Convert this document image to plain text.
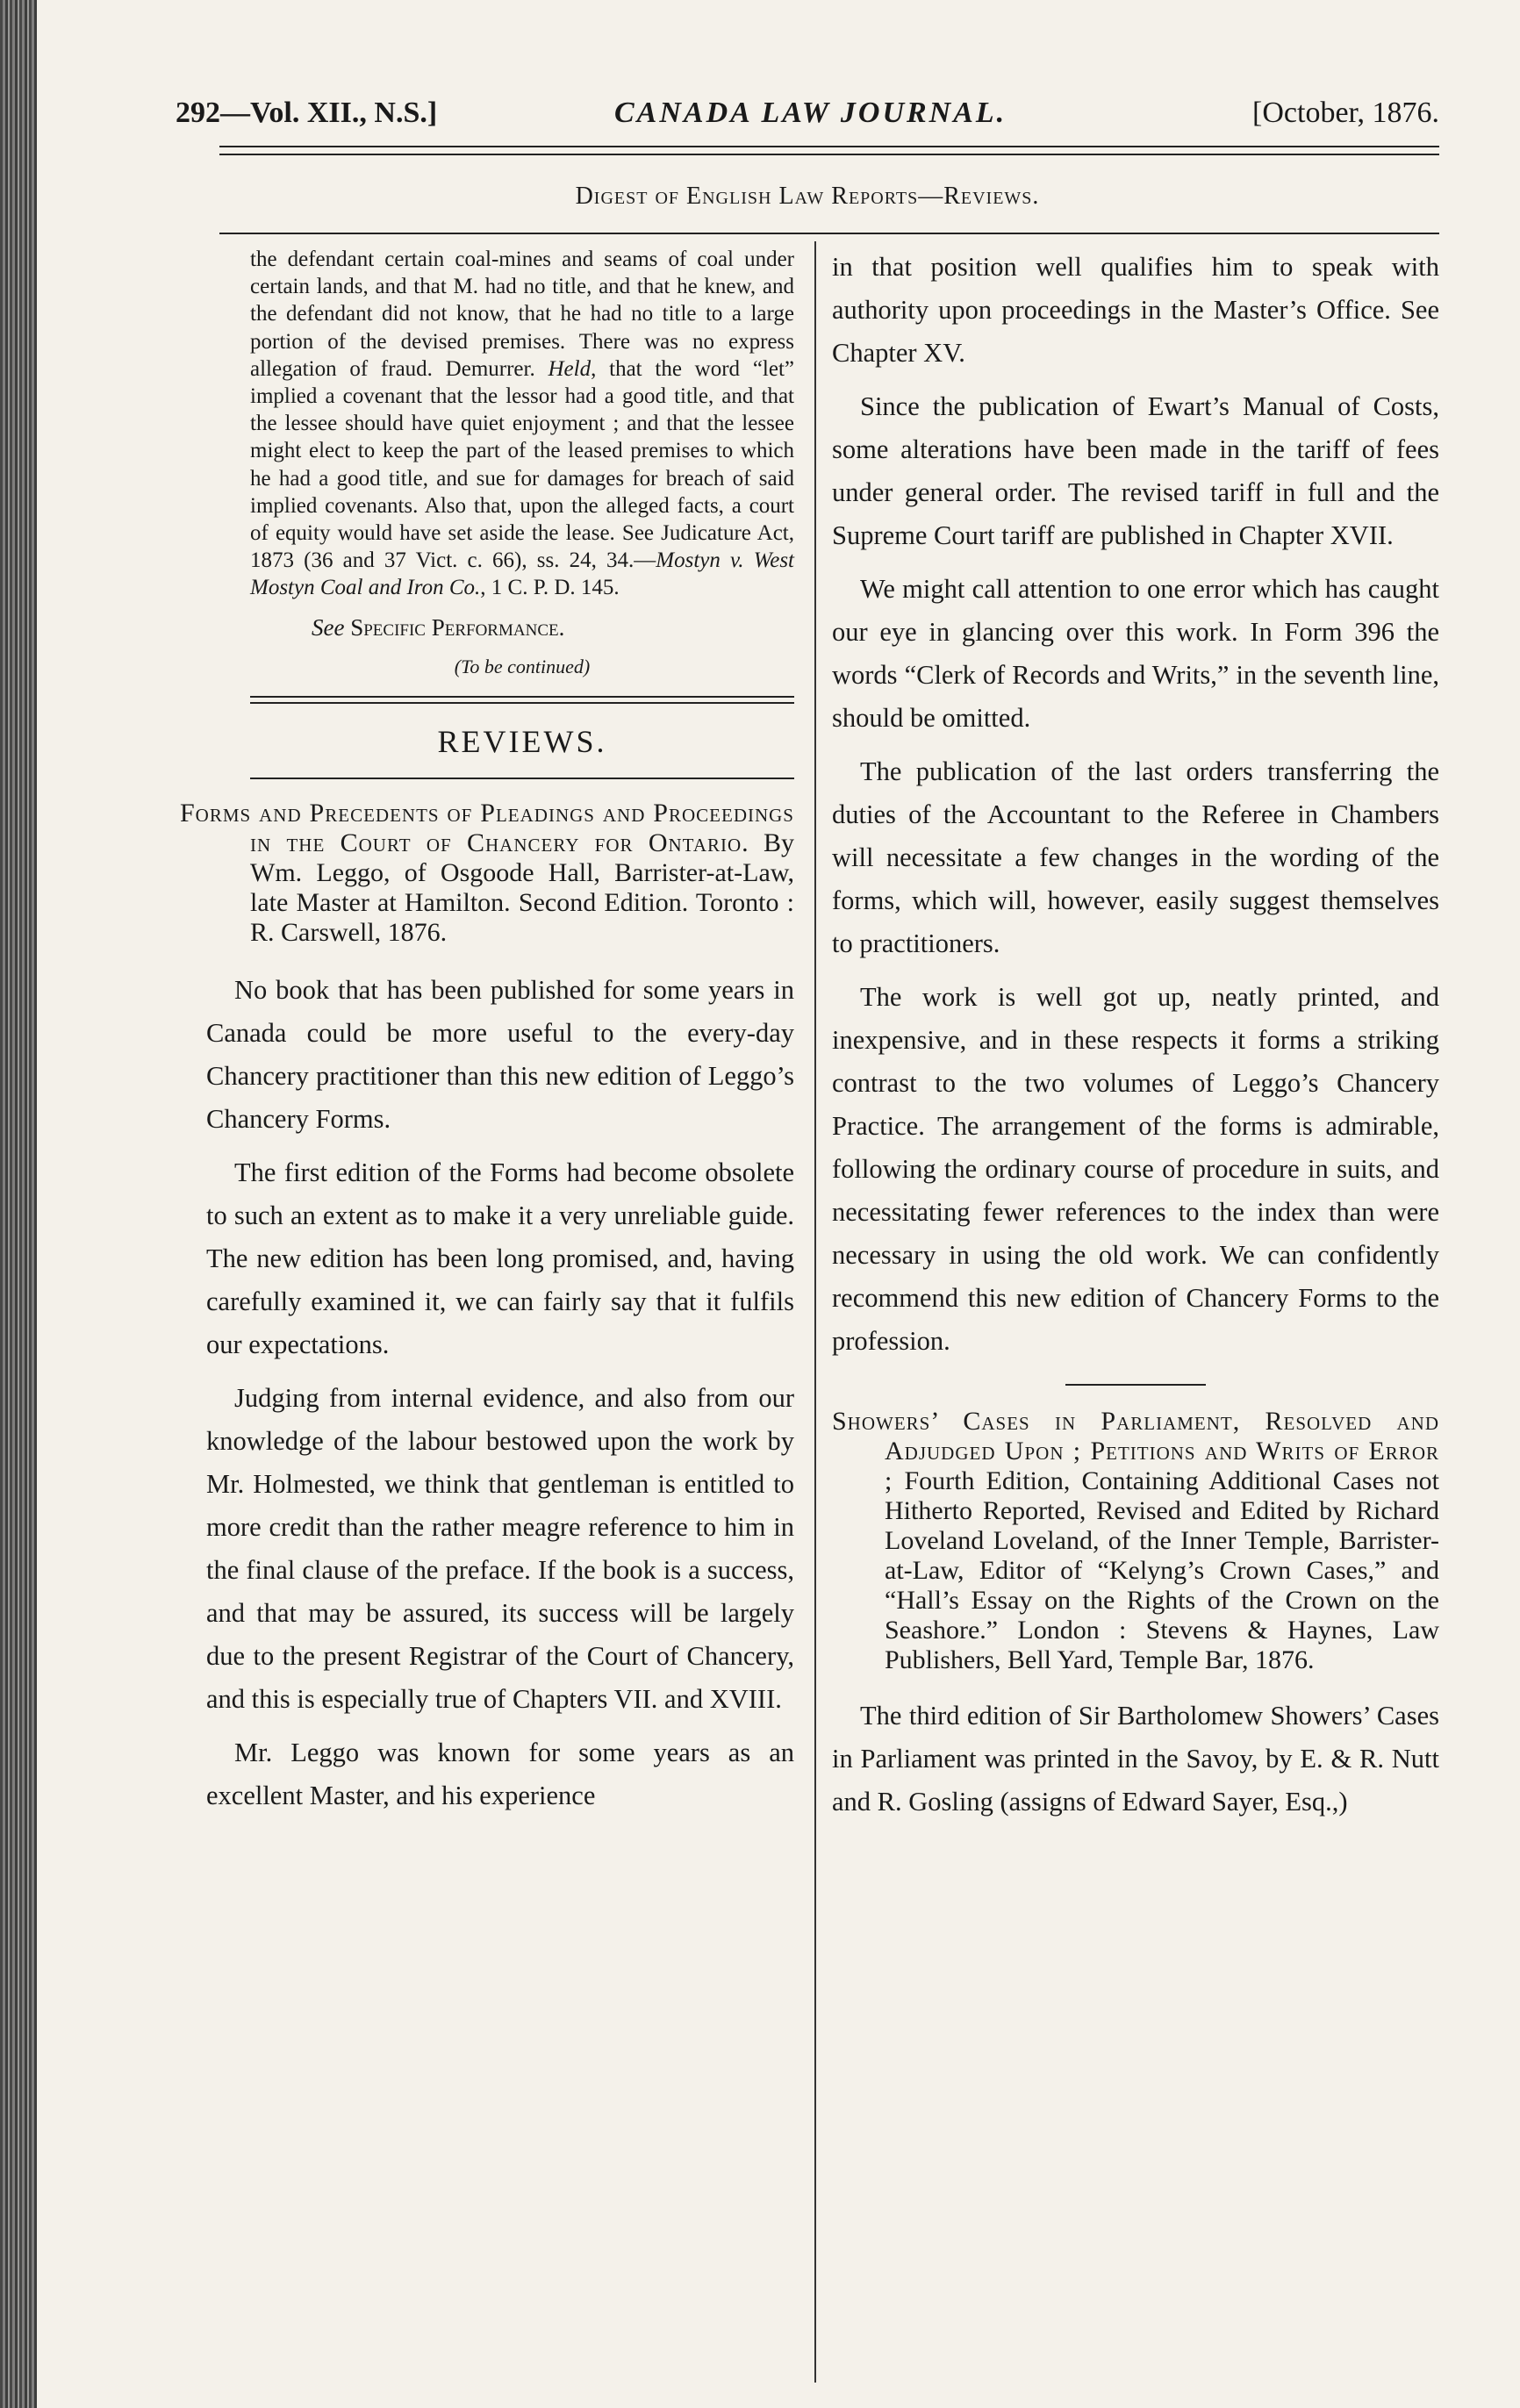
292—Vol. XII., N.S.]	CANADA LAW JOURNAL.	[October, 1876.
Digest of English Law Reports—Reviews.

the defendant certain coal-mines and seams of coal under certain lands, and that M. had no title, and that he knew, and the defendant did not know, that he had no title to a large portion of the devised premises. There was no express allegation of fraud. Demurrer. Held, that the word “let” implied a covenant that the lessor had a good title, and that the lessee should have quiet enjoyment ; and that the lessee might elect to keep the part of the leased premises to which he had a good title, and sue for damages for breach of said implied covenants. Also that, upon the alleged facts, a court of equity would have set aside the lease. See Judicature Act, 1873 (36 and 37 Vict. c. 66), ss. 24, 34.—Mostyn v. West Mostyn Coal and Iron Co., 1 C. P. D. 145.

See Specific Performance.

(To be continued)

REVIEWS.

Forms and Precedents of Pleadings and Proceedings in the Court of Chancery for Ontario. By Wm. Leggo, of Osgoode Hall, Barrister-at-Law, late Master at Hamilton. Second Edition. Toronto : R. Carswell, 1876.

No book that has been published for some years in Canada could be more useful to the every-day Chancery practitioner than this new edition of Leggo’s Chancery Forms.

The first edition of the Forms had become obsolete to such an extent as to make it a very unreliable guide. The new edition has been long promised, and, having carefully examined it, we can fairly say that it fulfils our expectations.

Judging from internal evidence, and also from our knowledge of the labour bestowed upon the work by Mr. Holmested, we think that gentleman is entitled to more credit than the rather meagre reference to him in the final clause of the preface. If the book is a success, and that may be assured, its success will be largely due to the present Registrar of the Court of Chancery, and this is especially true of Chapters VII. and XVIII.

Mr. Leggo was known for some years as an excellent Master, and his experience

in that position well qualifies him to speak with authority upon proceedings in the Master’s Office. See Chapter XV.

Since the publication of Ewart’s Manual of Costs, some alterations have been made in the tariff of fees under general order. The revised tariff in full and the Supreme Court tariff are published in Chapter XVII.

We might call attention to one error which has caught our eye in glancing over this work. In Form 396 the words “Clerk of Records and Writs,” in the seventh line, should be omitted.

The publication of the last orders transferring the duties of the Accountant to the Referee in Chambers will necessitate a few changes in the wording of the forms, which will, however, easily suggest themselves to practitioners.

The work is well got up, neatly printed, and inexpensive, and in these respects it forms a striking contrast to the two volumes of Leggo’s Chancery Practice. The arrangement of the forms is admirable, following the ordinary course of procedure in suits, and necessitating fewer references to the index than were necessary in using the old work. We can confidently recommend this new edition of Chancery Forms to the profession.

Showers’ Cases in Parliament, Resolved and Adjudged Upon ; Petitions and Writs of Error ; Fourth Edition, Containing Additional Cases not Hitherto Reported, Revised and Edited by Richard Loveland Loveland, of the Inner Temple, Barrister-at-Law, Editor of “Kelyng’s Crown Cases,” and “Hall’s Essay on the Rights of the Crown on the Seashore.” London : Stevens & Haynes, Law Publishers, Bell Yard, Temple Bar, 1876.

The third edition of Sir Bartholomew Showers’ Cases in Parliament was printed in the Savoy, by E. & R. Nutt and R. Gosling (assigns of Edward Sayer, Esq.,)
